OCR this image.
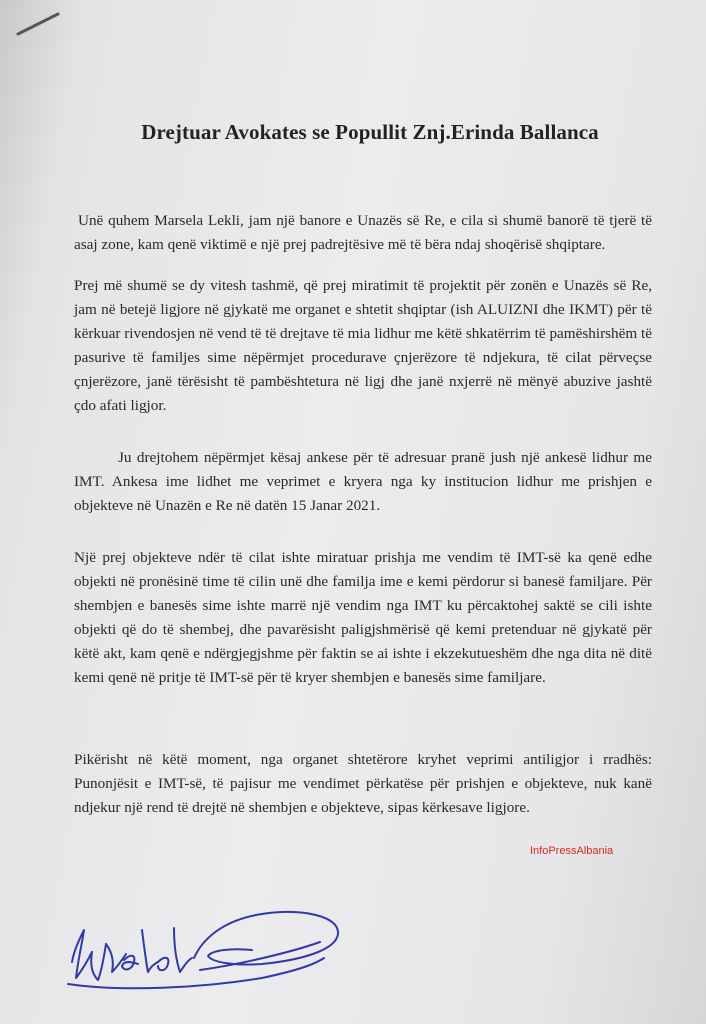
Drejtuar Avokates se Popullit Znj.Erinda Ballanca

Unë quhem Marsela Lekli, jam një banore e Unazës së Re, e cila si shumë banorë të tjerë të asaj zone, kam qenë viktimë e një prej padrejtësive më të bëra ndaj shoqërisë shqiptare.

Prej më shumë se dy vitesh tashmë, që prej miratimit të projektit për zonën e Unazës së Re, jam në betejë ligjore në gjykatë me organet e shtetit shqiptar (ish ALUIZNI dhe IKMT) për të kërkuar rivendosjen në vend të të drejtave të mia lidhur me këtë shkatërrim të pamëshirshëm të pasurive të familjes sime nëpërmjet procedurave çnjerëzore të ndjekura, të cilat përveçse çnjerëzore, janë tërësisht të pambështetura në ligj dhe janë nxjerrë në mënyë abuzive jashtë çdo afati ligjor.

Ju drejtohem nëpërmjet kësaj ankese për të adresuar pranë jush një ankesë lidhur me IMT. Ankesa ime lidhet me veprimet e kryera nga ky institucion lidhur me prishjen e objekteve në Unazën e Re në datën 15 Janar 2021.

Një prej objekteve ndër të cilat ishte miratuar prishja me vendim të IMT-së ka qenë edhe objekti në pronësinë time të cilin unë dhe familja ime e kemi përdorur si banesë familjare. Për shembjen e banesës sime ishte marrë një vendim nga IMT ku përcaktohej saktë se cili ishte objekti që do të shembej, dhe pavarësisht paligjshmërisë që kemi pretenduar në gjykatë për këtë akt, kam qenë e ndërgjegjshme për faktin se ai ishte i ekzekutueshëm dhe nga dita në ditë kemi qenë në pritje të IMT-së për të kryer shembjen e banesës sime familjare.

Pikërisht në këtë moment, nga organet shtetërore kryhet veprimi antiligjor i rradhës: Punonjësit e IMT-së, të pajisur me vendimet përkatëse për prishjen e objekteve, nuk kanë ndjekur një rend të drejtë në shembjen e objekteve, sipas kërkesave ligjore.

InfoPressAlbania
